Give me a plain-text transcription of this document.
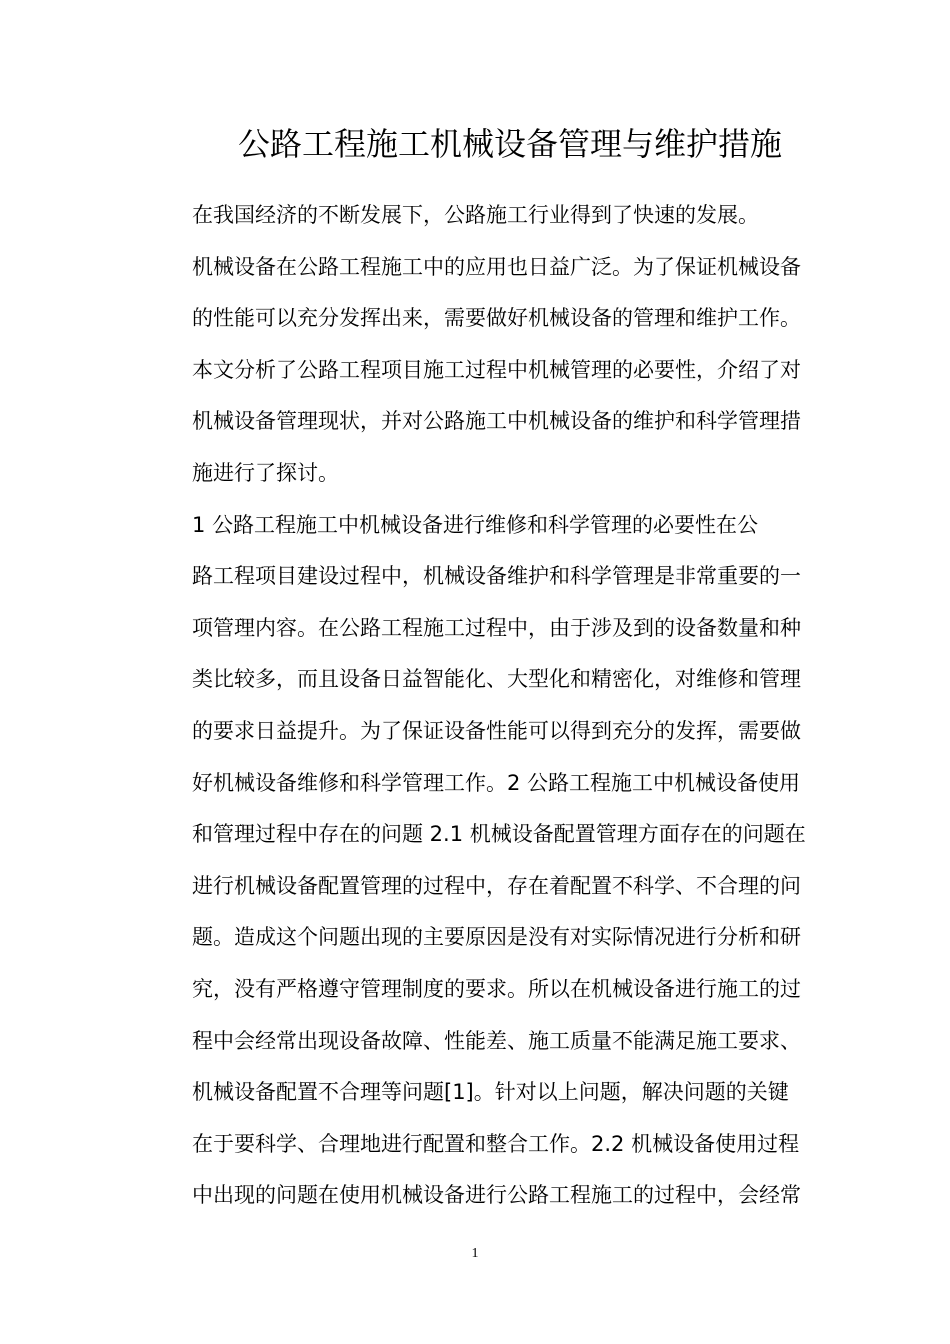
公路工程施工机械设备管理与维护措施

在我国经济的不断发展下，公路施工行业得到了快速的发展。
机械设备在公路工程施工中的应用也日益广泛。为了保证机械设备
的性能可以充分发挥出来，需要做好机械设备的管理和维护工作。
本文分析了公路工程项目施工过程中机械管理的必要性，介绍了对
机械设备管理现状，并对公路施工中机械设备的维护和科学管理措
施进行了探讨。

1 公路工程施工中机械设备进行维修和科学管理的必要性在公
路工程项目建设过程中，机械设备维护和科学管理是非常重要的一
项管理内容。在公路工程施工过程中，由于涉及到的设备数量和种
类比较多，而且设备日益智能化、大型化和精密化，对维修和管理
的要求日益提升。为了保证设备性能可以得到充分的发挥，需要做
好机械设备维修和科学管理工作。2 公路工程施工中机械设备使用
和管理过程中存在的问题 2.1 机械设备配置管理方面存在的问题在
进行机械设备配置管理的过程中，存在着配置不科学、不合理的问
题。造成这个问题出现的主要原因是没有对实际情况进行分析和研
究，没有严格遵守管理制度的要求。所以在机械设备进行施工的过
程中会经常出现设备故障、性能差、施工质量不能满足施工要求、
机械设备配置不合理等问题[1]。针对以上问题，解决问题的关键
在于要科学、合理地进行配置和整合工作。2.2 机械设备使用过程
中出现的问题在使用机械设备进行公路工程施工的过程中，会经常

1
